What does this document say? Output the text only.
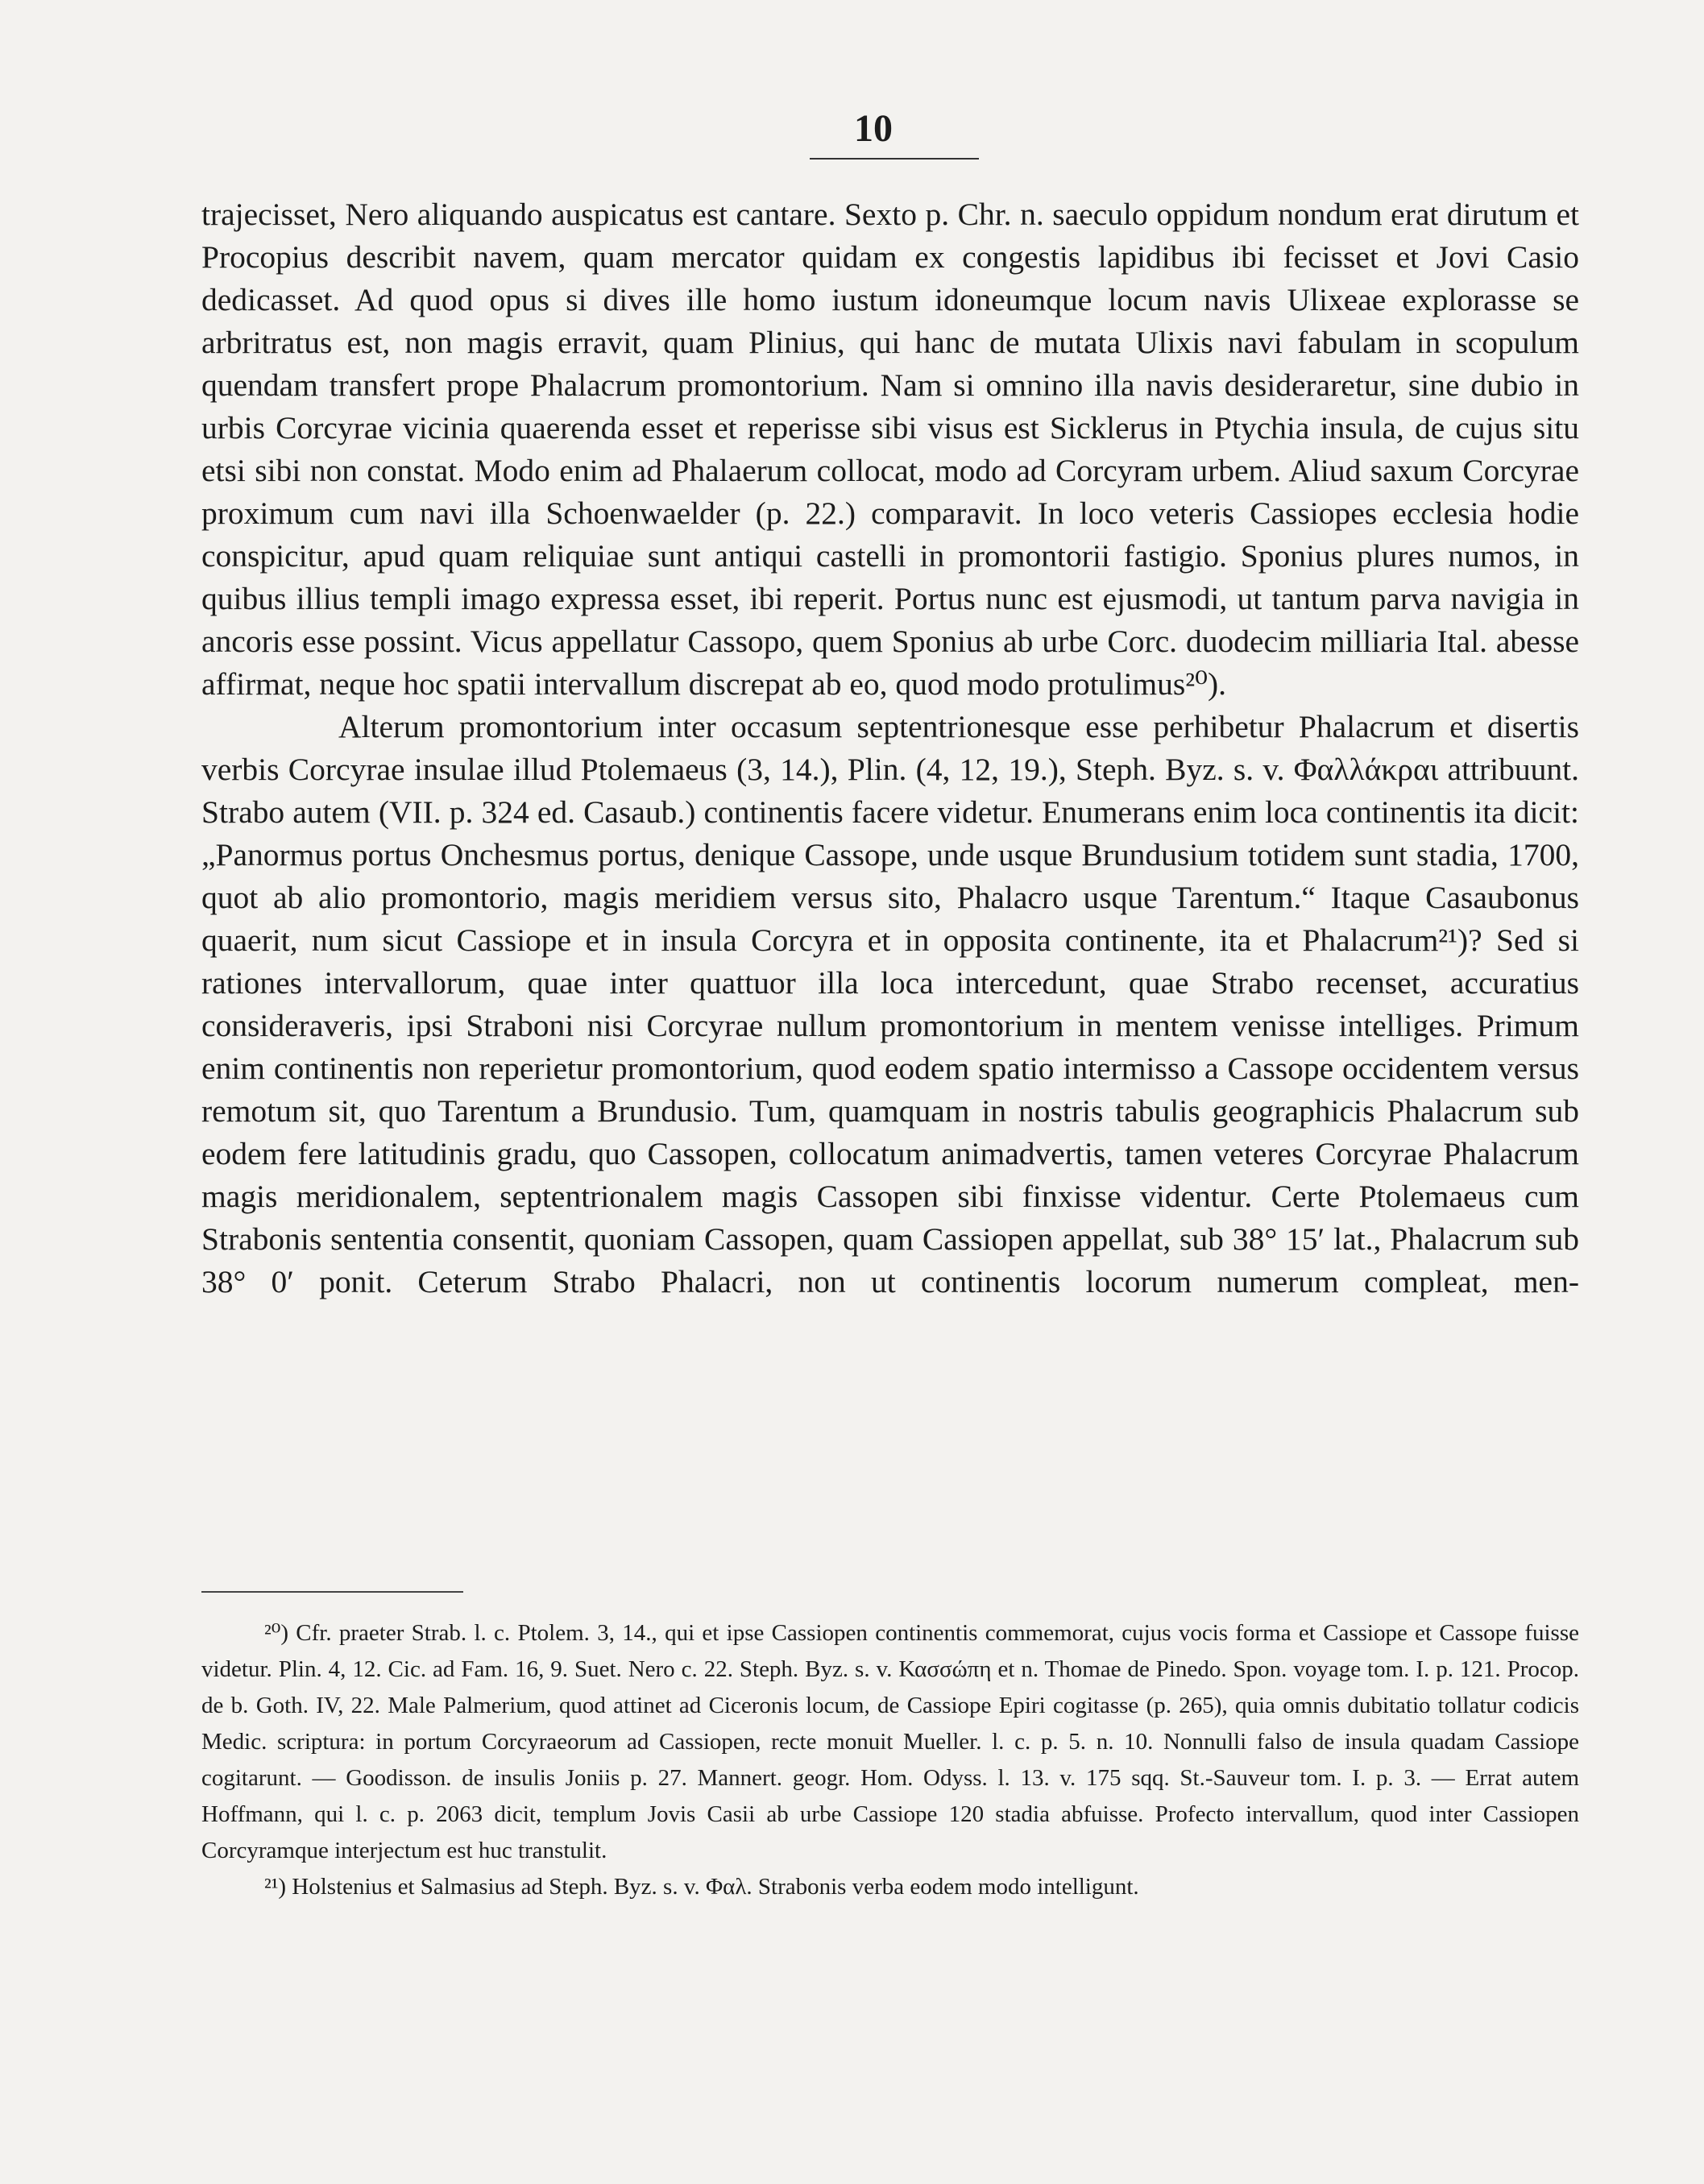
10

trajecisset, Nero aliquando auspicatus est cantare. Sexto p. Chr. n. saeculo oppidum nondum erat dirutum et Procopius describit navem, quam mercator quidam ex congestis lapidibus ibi fecisset et Jovi Casio dedicasset. Ad quod opus si dives ille homo iustum idoneumque locum navis Ulixeae explorasse se arbritratus est, non magis erravit, quam Plinius, qui hanc de mutata Ulixis navi fabulam in scopulum quendam transfert prope Phalacrum promontorium. Nam si omnino illa navis desideraretur, sine dubio in urbis Corcyrae vicinia quaerenda esset et reperisse sibi visus est Sicklerus in Ptychia insula, de cujus situ etsi sibi non constat. Modo enim ad Phalaerum collocat, modo ad Corcyram urbem. Aliud saxum Corcyrae proximum cum navi illa Schoenwaelder (p. 22.) comparavit. In loco veteris Cassiopes ecclesia hodie conspicitur, apud quam reliquiae sunt antiqui castelli in promontorii fastigio. Sponius plures numos, in quibus illius templi imago expressa esset, ibi reperit. Portus nunc est ejusmodi, ut tantum parva navigia in ancoris esse possint. Vicus appellatur Cassopo, quem Sponius ab urbe Corc. duodecim milliaria Ital. abesse affirmat, neque hoc spatii intervallum discrepat ab eo, quod modo protulimus²⁰).

Alterum promontorium inter occasum septentrionesque esse perhibetur Phalacrum et disertis verbis Corcyrae insulae illud Ptolemaeus (3, 14.), Plin. (4, 12, 19.), Steph. Byz. s. v. Φαλλάκραι attribuunt. Strabo autem (VII. p. 324 ed. Casaub.) continentis facere videtur. Enumerans enim loca continentis ita dicit: „Panormus portus Onchesmus portus, denique Cassope, unde usque Brundusium totidem sunt stadia, 1700, quot ab alio promontorio, magis meridiem versus sito, Phalacro usque Tarentum.“ Itaque Casaubonus quaerit, num sicut Cassiope et in insula Corcyra et in opposita continente, ita et Phalacrum²¹)? Sed si rationes intervallorum, quae inter quattuor illa loca intercedunt, quae Strabo recenset, accuratius consideraveris, ipsi Straboni nisi Corcyrae nullum promontorium in mentem venisse intelliges. Primum enim continentis non reperietur promontorium, quod eodem spatio intermisso a Cassope occidentem versus remotum sit, quo Tarentum a Brundusio. Tum, quamquam in nostris tabulis geographicis Phalacrum sub eodem fere latitudinis gradu, quo Cassopen, collocatum animadvertis, tamen veteres Corcyrae Phalacrum magis meridionalem, septentrionalem magis Cassopen sibi finxisse videntur. Certe Ptolemaeus cum Strabonis sententia consentit, quoniam Cassopen, quam Cassiopen appellat, sub 38° 15′ lat., Phalacrum sub 38° 0′ ponit. Ceterum Strabo Phalacri, non ut continentis locorum numerum compleat, men-

²⁰) Cfr. praeter Strab. l. c. Ptolem. 3, 14., qui et ipse Cassiopen continentis commemorat, cujus vocis forma et Cassiope et Cassope fuisse videtur. Plin. 4, 12. Cic. ad Fam. 16, 9. Suet. Nero c. 22. Steph. Byz. s. v. Κασσώπη et n. Thomae de Pinedo. Spon. voyage tom. I. p. 121. Procop. de b. Goth. IV, 22. Male Palmerium, quod attinet ad Ciceronis locum, de Cassiope Epiri cogitasse (p. 265), quia omnis dubitatio tollatur codicis Medic. scriptura: in portum Corcyraeorum ad Cassiopen, recte monuit Mueller. l. c. p. 5. n. 10. Nonnulli falso de insula quadam Cassiope cogitarunt. — Goodisson. de insulis Joniis p. 27. Mannert. geogr. Hom. Odyss. l. 13. v. 175 sqq. St.-Sauveur tom. I. p. 3. — Errat autem Hoffmann, qui l. c. p. 2063 dicit, templum Jovis Casii ab urbe Cassiope 120 stadia abfuisse. Profecto intervallum, quod inter Cassiopen Corcyramque interjectum est huc transtulit.

²¹) Holstenius et Salmasius ad Steph. Byz. s. v. Φαλ. Strabonis verba eodem modo intelligunt.
